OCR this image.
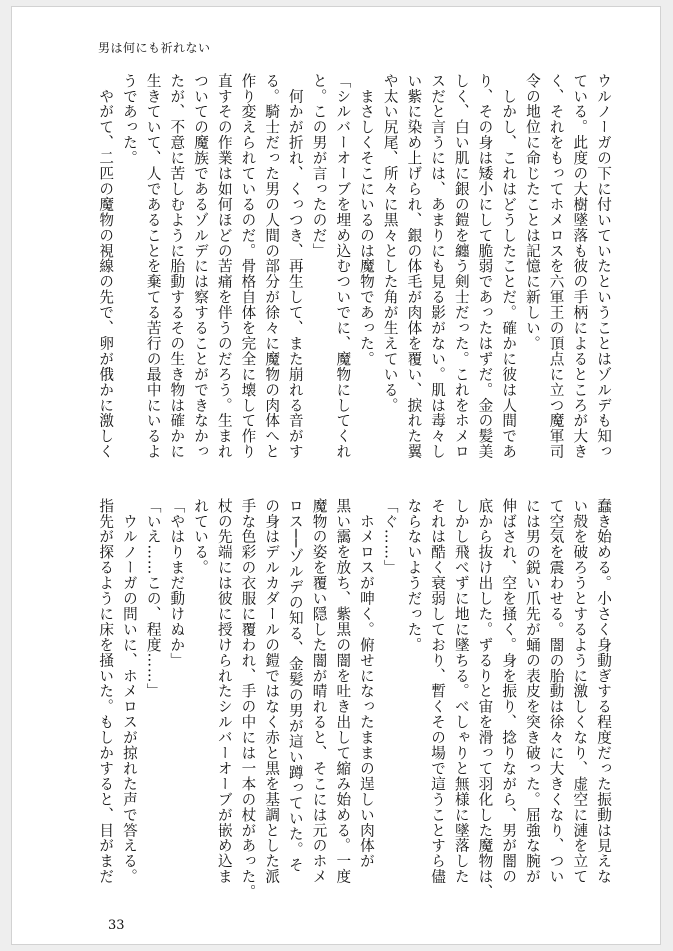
男は何にも祈れない
ウルノーガの下に付いていたということはゾルデも知っ
ている。此度の大樹墜落も彼の手柄によるところが大き
く、それをもってホメロスを六軍王の頂点に立つ魔軍司
令の地位に命じたことは記憶に新しい。
　しかし、これはどうしたことだ。確かに彼は人間であ
り、その身は矮小にして脆弱であったはずだ。金の髪美
しく、白い肌に銀の鎧を纏う剣士だった。これをホメロ
スだと言うには、あまりにも見る影がない。肌は毒々し
い紫に染め上げられ、銀の体毛が肉体を覆い、捩れた翼
や太い尻尾、所々に黒々とした角が生えている。
　まさしくそこにいるのは魔物であった。
「シルバーオーブを埋め込むついでに、魔物にしてくれ
と。この男が言ったのだ」
　何かが折れ、くっつき、再生して、また崩れる音がす
る。騎士だった男の人間の部分が徐々に魔物の肉体へと
作り変えられているのだ。骨格自体を完全に壊して作り
直すその作業は如何ほどの苦痛を伴うのだろう。生まれ
ついての魔族であるゾルデには察することができなかっ
たが、不意に苦しむように胎動するその生き物は確かに
生きていて、人であることを棄てる苦行の最中にいるよ
うであった。
　やがて、二匹の魔物の視線の先で、卵が俄かに激しく
蠢き始める。小さく身動ぎする程度だった振動は見えな
い殻を破ろうとするように激しくなり、虚空に漣を立て
て空気を震わせる。闇の胎動は徐々に大きくなり、つい
には男の鋭い爪先が蛹の表皮を突き破った。屈強な腕が
伸ばされ、空を掻く。身を振り、捻りながら、男が闇の
底から抜け出した。ずるりと宙を滑って羽化した魔物は、
しかし飛べずに地に墜ちる。べしゃりと無様に墜落した
それは酷く衰弱しており、暫くその場で這うことすら儘
ならないようだった。
「ぐ……」
　ホメロスが呻く。俯せになったままの逞しい肉体が
黒い靄を放ち、紫黒の闇を吐き出して縮み始める。一度
魔物の姿を覆い隠した闇が晴れると、そこには元のホメ
ロス──ゾルデの知る、金髪の男が這い蹲っていた。そ
の身はデルカダールの鎧ではなく赤と黒を基調とした派
手な色彩の衣服に覆われ、手の中には一本の杖があった。
杖の先端には彼に授けられたシルバーオーブが嵌め込ま
れている。
「やはりまだ動けぬか」
「いえ……この、程度……」
　ウルノーガの問いに、ホメロスが掠れた声で答える。
指先が探るように床を掻いた。もしかすると、目がまだ
33
